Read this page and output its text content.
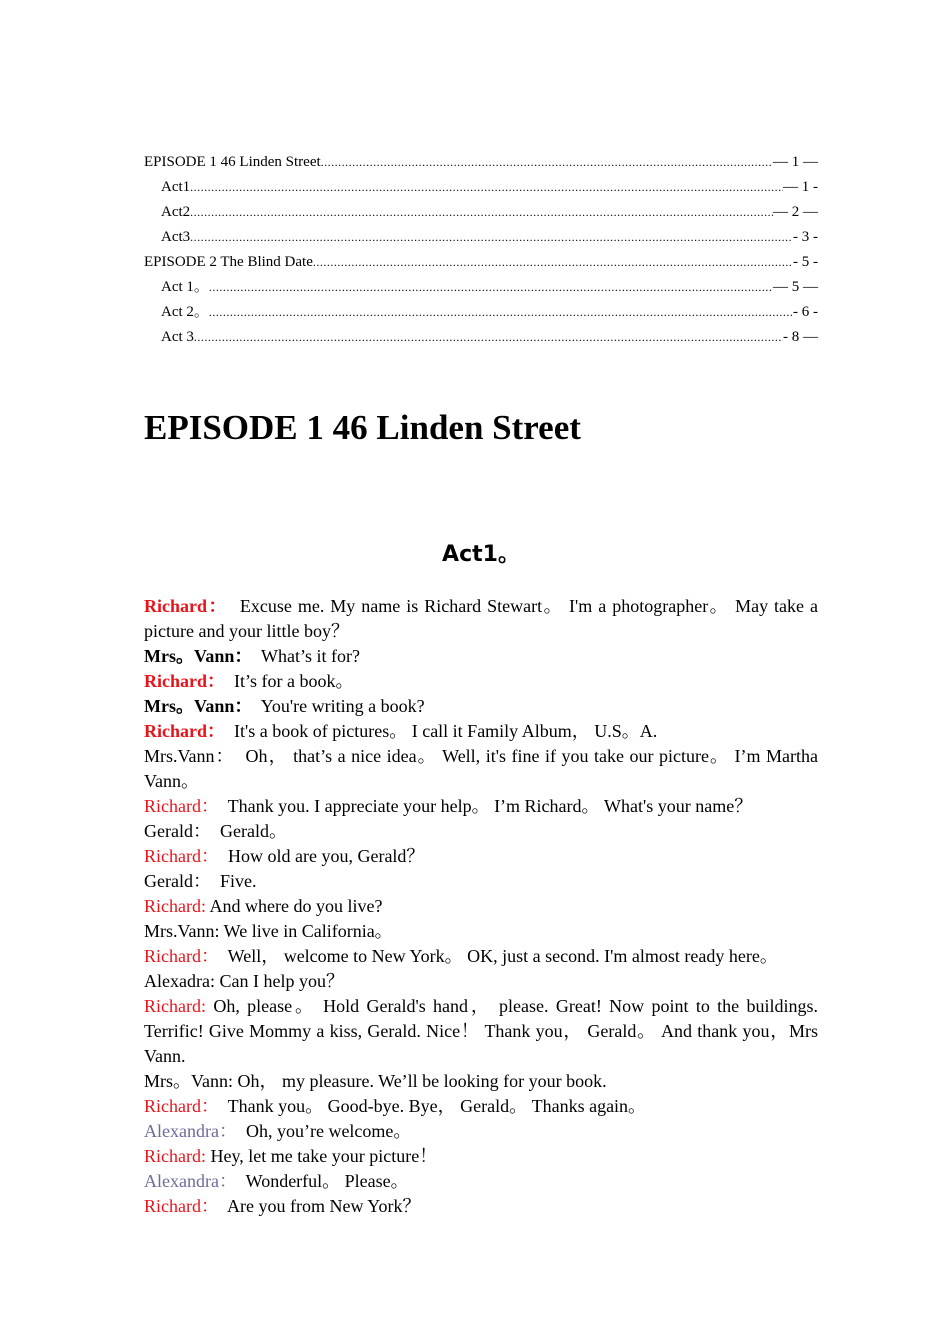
EPISODE 1 46 Linden Street .....	— 1 —
Act1 .....	— 1 -
Act2 .....	— 2 —
Act3 .....	- 3 -
EPISODE 2 The Blind Date .....	- 5 -
Act 1。 .....	— 5 —
Act 2。 .....	- 6 -
Act 3 .....	- 8 —
EPISODE 1 46 Linden Street
Act1。
Richard：  Excuse me. My name is Richard Stewart。 I'm a photographer。 May take a picture and your little boy？
Mrs。Vann：  What’s it for?
Richard：  It’s for a book。
Mrs。Vann：  You're writing a book?
Richard：  It's a book of pictures。 I call it Family Album， U.S。A.
Mrs.Vann：  Oh， that’s a nice idea。 Well, it's fine if you take our picture。 I’m Martha Vann。
Richard：  Thank you. I appreciate your help。 I’m Richard。 What's your name？
Gerald：  Gerald。
Richard：  How old are you, Gerald？
Gerald：  Five.
Richard: And where do you live?
Mrs.Vann: We live in California。
Richard：  Well， welcome to New York。 OK, just a second. I'm almost ready here。
Alexadra: Can I help you？
Richard: Oh, please。 Hold Gerald's hand， please. Great! Now point to the buildings. Terrific! Give Mommy a kiss, Gerald. Nice！ Thank you， Gerald。 And thank you，Mrs Vann.
Mrs。Vann: Oh， my pleasure. We’ll be looking for your book.
Richard：  Thank you。 Good-bye. Bye， Gerald。 Thanks again。
Alexandra：  Oh, you’re welcome。
Richard: Hey, let me take your picture！
Alexandra：  Wonderful。 Please。
Richard：  Are you from New York？
